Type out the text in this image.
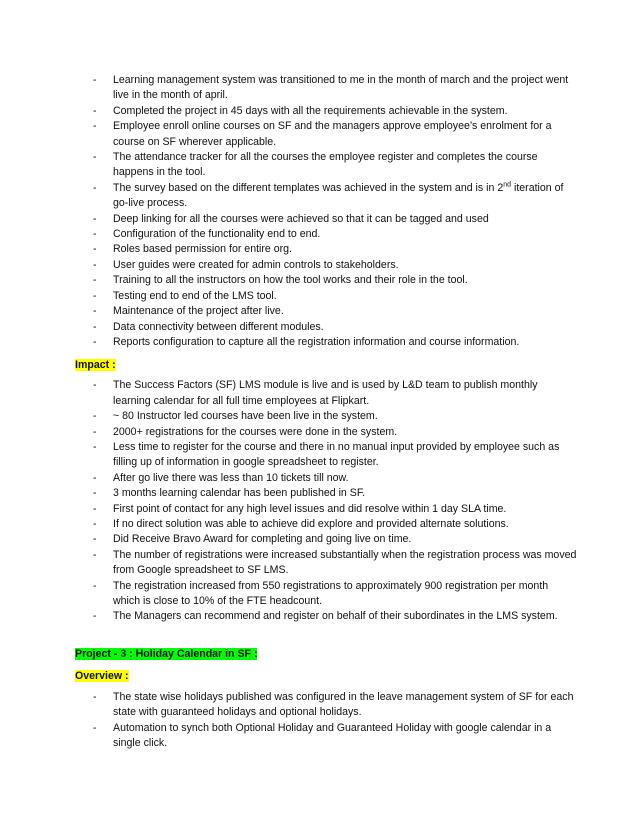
- Learning management system was transitioned to me in the month of march and the project went live in the month of april.
- Completed the project in 45 days with all the requirements achievable in the system.
- Employee enroll online courses on SF and the managers approve employee’s enrolment for a course on SF wherever applicable.
- The attendance tracker for all the courses the employee register and completes the course happens in the tool.
- The survey based on the different templates was achieved in the system and is in 2nd iteration of go-live process.
- Deep linking for all the courses were achieved so that it can be tagged and used
- Configuration of the functionality end to end.
- Roles based permission for entire org.
- User guides were created for admin controls to stakeholders.
- Training to all the instructors on how the tool works and their role in the tool.
- Testing end to end of the LMS tool.
- Maintenance of the project after live.
- Data connectivity between different modules.
- Reports configuration to capture all the registration information and course information.
Impact :
- The Success Factors (SF) LMS module is live and is used by L&D team to publish monthly learning calendar for all full time employees at Flipkart.
- ~ 80 Instructor led courses have been live in the system.
- 2000+ registrations for the courses were done in the system.
- Less time to register for the course and there in no manual input provided by employee such as filling up of information in google spreadsheet to register.
- After go live there was less than 10 tickets till now.
- 3 months learning calendar has been published in SF.
- First point of contact for any high level issues and did resolve within 1 day SLA time.
- If no direct solution was able to achieve did explore and provided alternate solutions.
- Did Receive Bravo Award for completing and going live on time.
- The number of registrations were increased substantially when the registration process was moved from Google spreadsheet to SF LMS.
- The registration increased from 550 registrations to approximately 900 registration per month which is close to 10% of the FTE headcount.
- The Managers can recommend and register on behalf of their subordinates in the LMS system.
Project - 3 : Holiday Calendar in SF :
Overview :
- The state wise holidays published was configured in the leave management system of SF for each state with guaranteed holidays and optional holidays.
- Automation to synch both Optional Holiday and Guaranteed Holiday with google calendar in a single click.
